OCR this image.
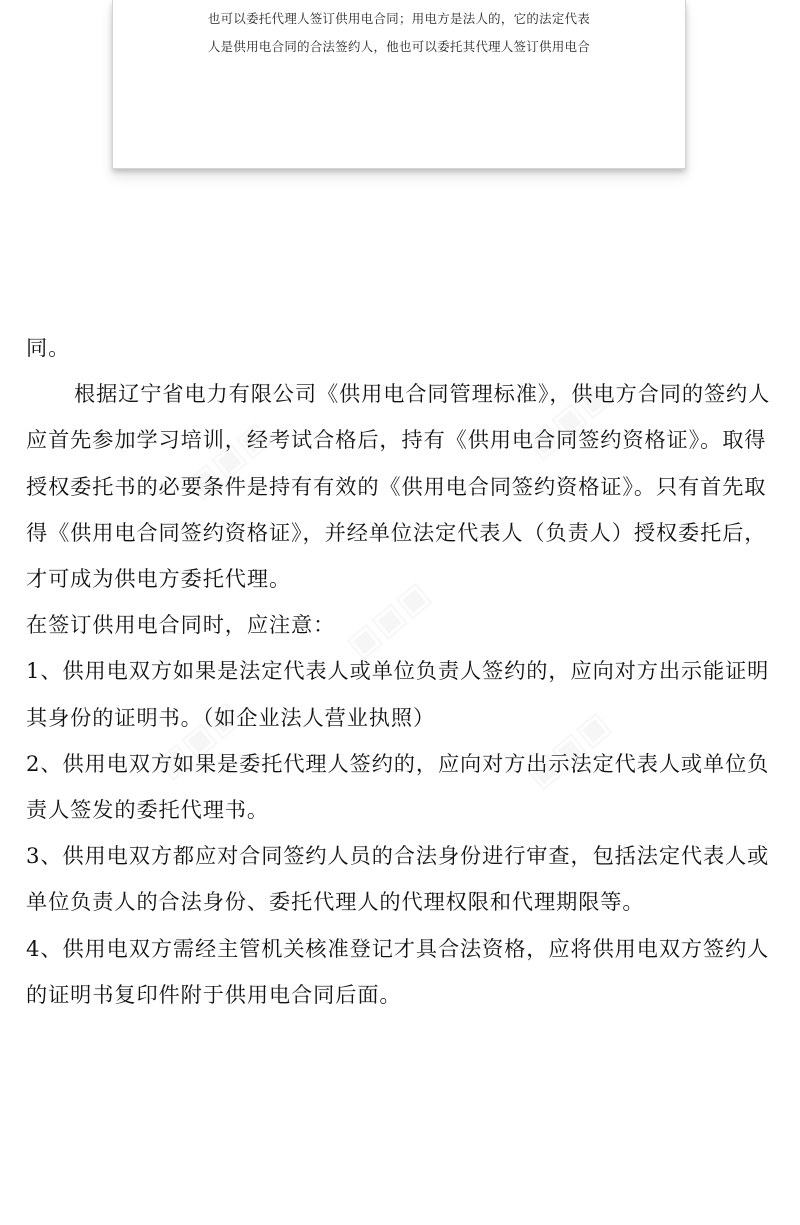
也可以委托代理人签订供用电合同；用电方是法人的，它的法定代表
人是供用电合同的合法签约人，他也可以委托其代理人签订供用电合

同。

根据辽宁省电力有限公司《供用电合同管理标准》，供电方合同的签约人应首先参加学习培训，经考试合格后，持有《供用电合同签约资格证》。取得授权委托书的必要条件是持有有效的《供用电合同签约资格证》。只有首先取得《供用电合同签约资格证》，并经单位法定代表人（负责人）授权委托后，才可成为供电方委托代理。

在签订供用电合同时，应注意：

1、供用电双方如果是法定代表人或单位负责人签约的，应向对方出示能证明其身份的证明书。（如企业法人营业执照）

2、供用电双方如果是委托代理人签约的，应向对方出示法定代表人或单位负责人签发的委托代理书。

3、供用电双方都应对合同签约人员的合法身份进行审查，包括法定代表人或单位负责人的合法身份、委托代理人的代理权限和代理期限等。

4、供用电双方需经主管机关核准登记才具合法资格，应将供用电双方签约人的证明书复印件附于供用电合同后面。
